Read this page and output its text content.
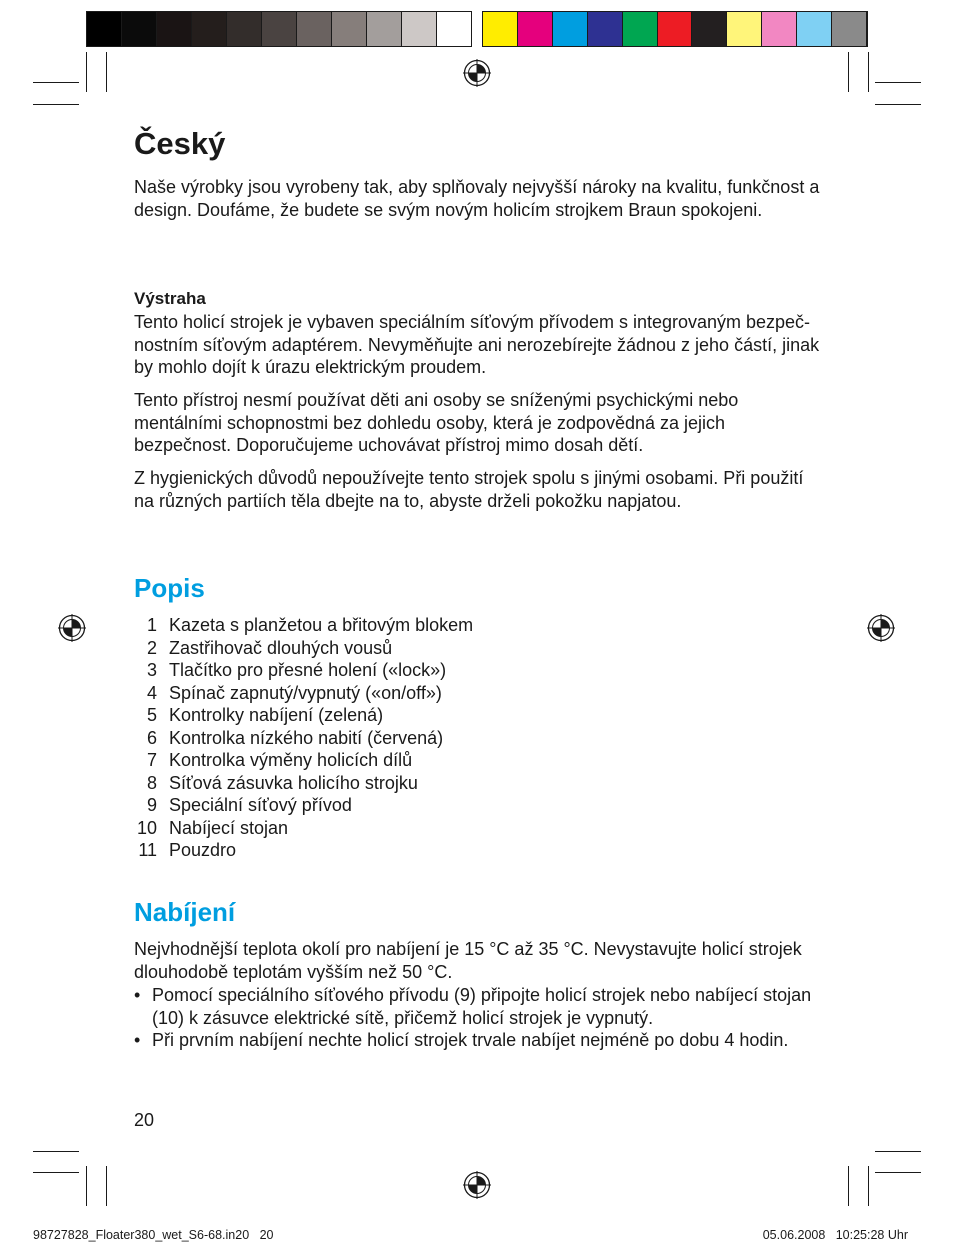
Český

Naše výrobky jsou vyrobeny tak, aby splňovaly nejvyšší nároky na kvalitu, funkčnost a design. Doufáme, že budete se svým novým holicím strojkem Braun spokojeni.

Výstraha

Tento holicí strojek je vybaven speciálním síťovým přívodem s integrovaným bezpeč-nostním síťovým adaptérem. Nevyměňujte ani nerozebírejte žádnou z jeho částí, jinak by mohlo dojít k úrazu elektrickým proudem.

Tento přístroj nesmí používat děti ani osoby se sníženými psychickými nebo mentálními schopnostmi bez dohledu osoby, která je zodpovědná za jejich bezpečnost. Doporučujeme uchovávat přístroj mimo dosah dětí.

Z hygienických důvodů nepoužívejte tento strojek spolu s jinými osobami. Při použití na různých partiích těla dbejte na to, abyste drželi pokožku napjatou.

Popis
1 Kazeta s planžetou a břitovým blokem
2 Zastřihovač dlouhých vousů
3 Tlačítko pro přesné holení («lock»)
4 Spínač zapnutý/vypnutý («on/off»)
5 Kontrolky nabíjení (zelená)
6 Kontrolka nízkého nabití (červená)
7 Kontrolka výměny holicích dílů
8 Síťová zásuvka holicího strojku
9 Speciální síťový přívod
10 Nabíjecí stojan
11 Pouzdro
Nabíjení

Nejvhodnější teplota okolí pro nabíjení je 15 °C až 35 °C. Nevystavujte holicí strojek dlouhodobě teplotám vyšším než 50 °C.

• Pomocí speciálního síťového přívodu (9) připojte holicí strojek nebo nabíjecí stojan (10) k zásuvce elektrické sítě, přičemž holicí strojek je vypnutý.
• Při prvním nabíjení nechte holicí strojek trvale nabíjet nejméně po dobu 4 hodin.
20
98727828_Floater380_wet_S6-68.in20   20	05.06.2008   10:25:28 Uhr
